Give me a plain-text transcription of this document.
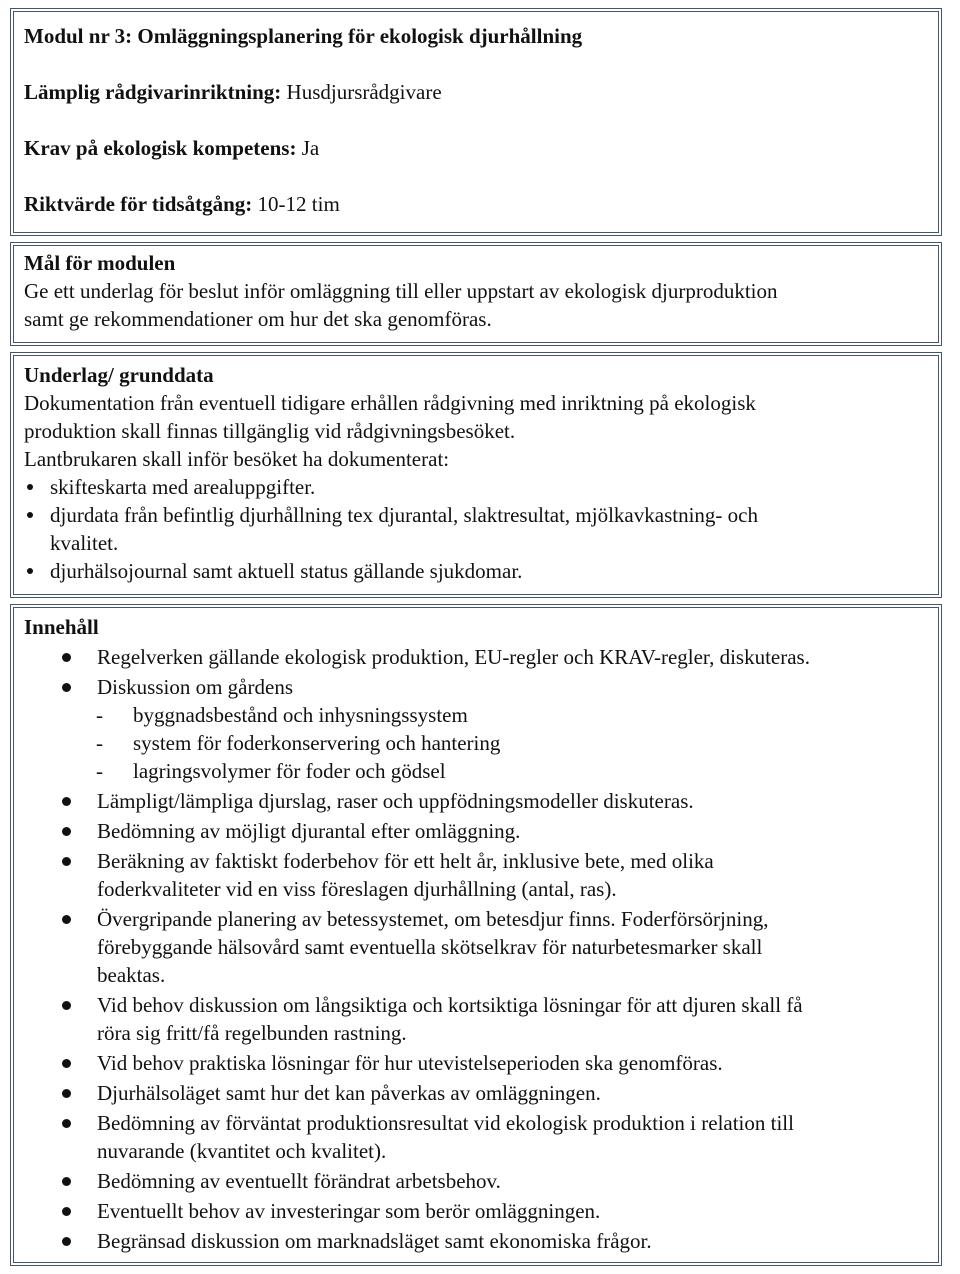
Modul nr 3: Omläggningsplanering för ekologisk djurhållning
Lämplig rådgivarinriktning: Husdjursrådgivare
Krav på ekologisk kompetens: Ja
Riktvärde för tidsåtgång: 10-12 tim
Mål för modulen
Ge ett underlag för beslut inför omläggning till eller uppstart av ekologisk djurproduktion
samt ge rekommendationer om hur det ska genomföras.
Underlag/ grunddata
Dokumentation från eventuell tidigare erhållen rådgivning med inriktning på ekologisk
produktion skall finnas tillgänglig vid rådgivningsbesöket.
Lantbrukaren skall inför besöket ha dokumenterat:
skifteskarta med arealuppgifter.
djurdata från befintlig djurhållning tex djurantal, slaktresultat, mjölkavkastning- och
kvalitet.
djurhälsojournal samt aktuell status gällande sjukdomar.
Innehåll
Regelverken gällande ekologisk produktion, EU-regler och KRAV-regler, diskuteras.
Diskussion om gårdens
-	byggnadsbestånd och inhysningssystem
-	system för foderkonservering och hantering
-	lagringsvolymer för foder och gödsel
Lämpligt/lämpliga djurslag, raser och uppfödningsmodeller diskuteras.
Bedömning av möjligt djurantal efter omläggning.
Beräkning av faktiskt foderbehov för ett helt år, inklusive bete, med olika
foderkvaliteter vid en viss föreslagen djurhållning (antal, ras).
Övergripande planering av betessystemet, om betesdjur finns. Foderförsörjning,
förebyggande hälsovård samt eventuella skötselkrav för naturbetesmarker skall
beaktas.
Vid behov diskussion om långsiktiga och kortsiktiga lösningar för att djuren skall få
röra sig fritt/få regelbunden rastning.
Vid behov praktiska lösningar för hur utevistelseperioden ska genomföras.
Djurhälsoläget samt hur det kan påverkas av omläggningen.
Bedömning av förväntat produktionsresultat vid ekologisk produktion i relation till
nuvarande (kvantitet och kvalitet).
Bedömning av eventuellt förändrat arbetsbehov.
Eventuellt behov av investeringar som berör omläggningen.
Begränsad diskussion om marknadsläget samt ekonomiska frågor.
